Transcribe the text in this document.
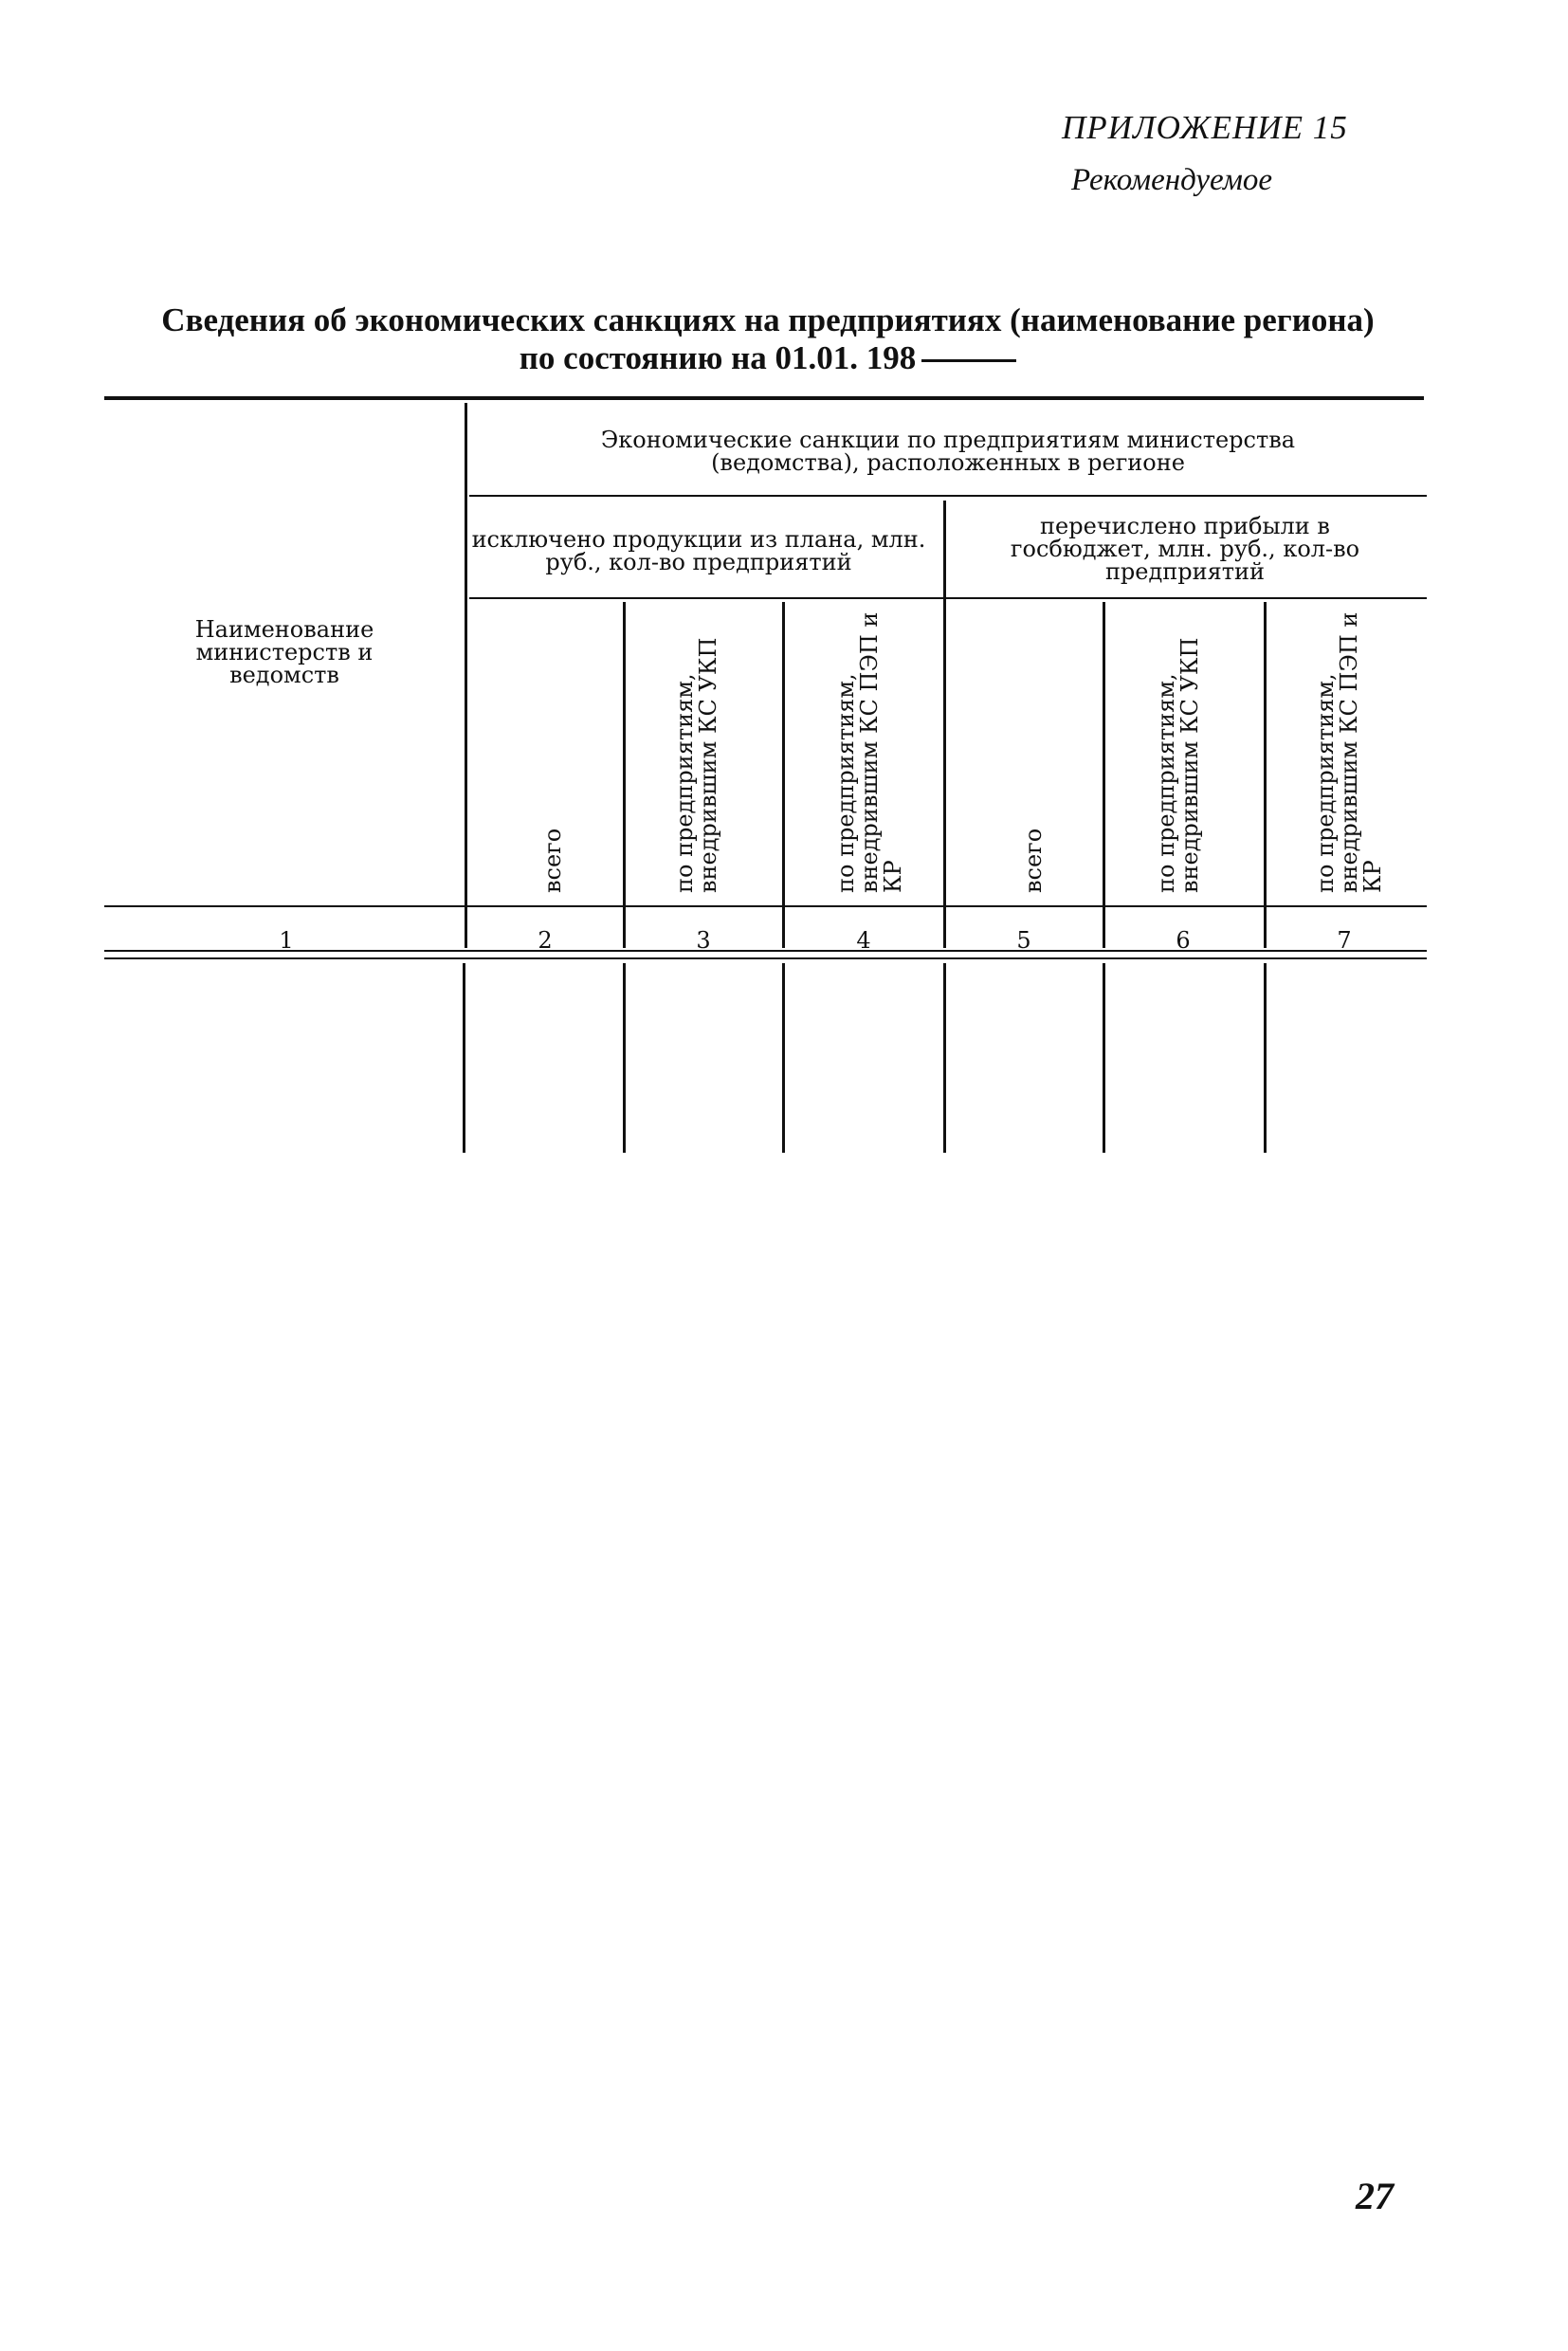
ПРИЛОЖЕНИЕ 15
Рекомендуемое
Сведения об экономических санкциях на предприятиях (наименование региона)
по состоянию на 01.01. 198
Наименование министерств и ведомств
Экономические санкции по предприятиям министерства (ведомства), расположенных в регионе
исключено продукции из плана, млн. руб., кол-во предприятий
перечислено прибыли в госбюджет, млн. руб., кол-во предприятий
всего	по предприятиям, внедрившим КС УКП	по предприятиям, внедрившим КС ПЭП и КР	всего	по предприятиям, внедрившим КС УКП	по предприятиям, внедрившим КС ПЭП и КР
1	2	3	4	5	6	7
27
